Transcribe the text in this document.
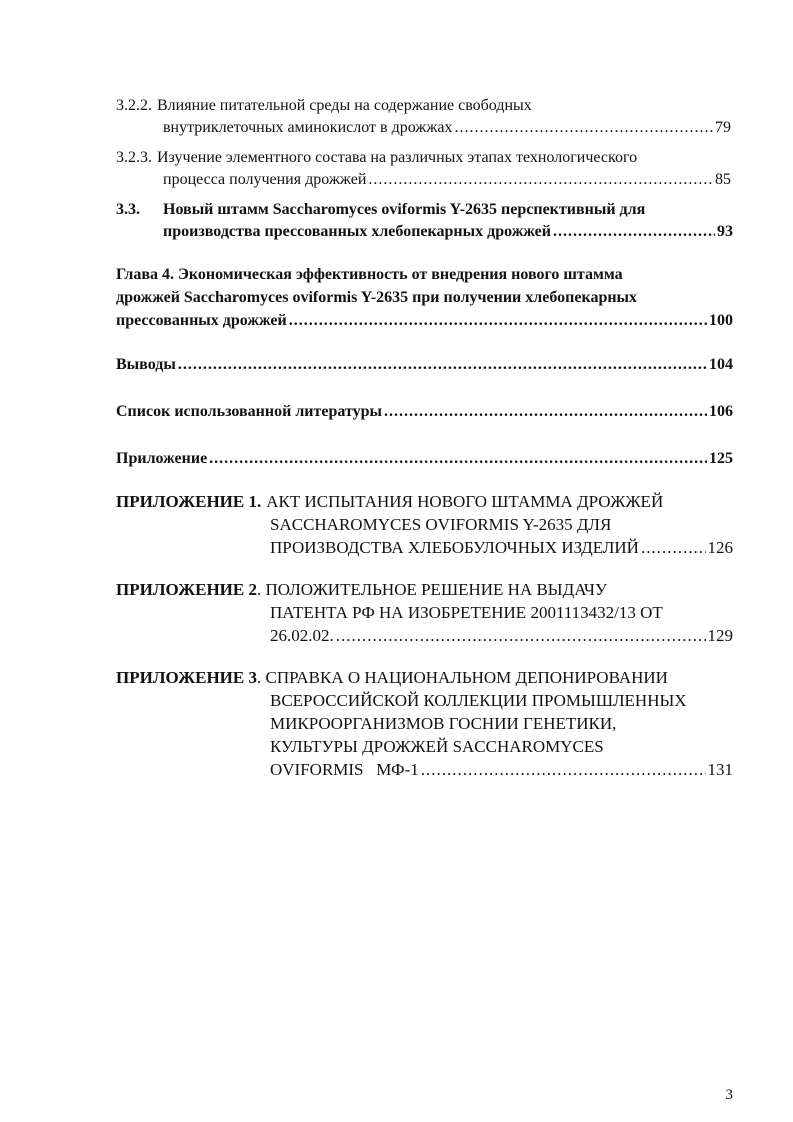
3.2.2. Влияние питательной среды на содержание свободных
внутриклеточных аминокислот в дрожжах .....	79
3.2.3. Изучение элементного состава на различных этапах технологического
процесса получения дрожжей .....	85
3.3.	Новый штамм Saccharomyces oviformis Y-2635 перспективный для
производства прессованных хлебопекарных дрожжей .....	93
Глава 4. Экономическая эффективность от внедрения нового штамма
дрожжей Saccharomyces oviformis Y-2635 при получении хлебопекарных
прессованных дрожжей .....	100
Выводы .....	104
Список использованной литературы .....	106
Приложение .....	125
ПРИЛОЖЕНИЕ 1. АКТ ИСПЫТАНИЯ НОВОГО ШТАММА ДРОЖЖЕЙ
SACCHAROMYCES OVIFORMIS Y-2635 ДЛЯ
ПРОИЗВОДСТВА ХЛЕБОБУЛОЧНЫХ ИЗДЕЛИЙ .....	126
ПРИЛОЖЕНИЕ 2 . ПОЛОЖИТЕЛЬНОЕ РЕШЕНИЕ НА ВЫДАЧУ
ПАТЕНТА РФ НА ИЗОБРЕТЕНИЕ 2001113432/13 ОТ
26.02.02. .....	129
ПРИЛОЖЕНИЕ 3 . СПРАВКА О НАЦИОНАЛЬНОМ ДЕПОНИРОВАНИИ
ВСЕРОССИЙСКОЙ КОЛЛЕКЦИИ ПРОМЫШЛЕННЫХ
МИКРООРГАНИЗМОВ ГОСНИИ ГЕНЕТИКИ,
КУЛЬТУРЫ ДРОЖЖЕЙ SACCHAROMYCES
OVIFORMIS   МФ-1 .....	131
3
